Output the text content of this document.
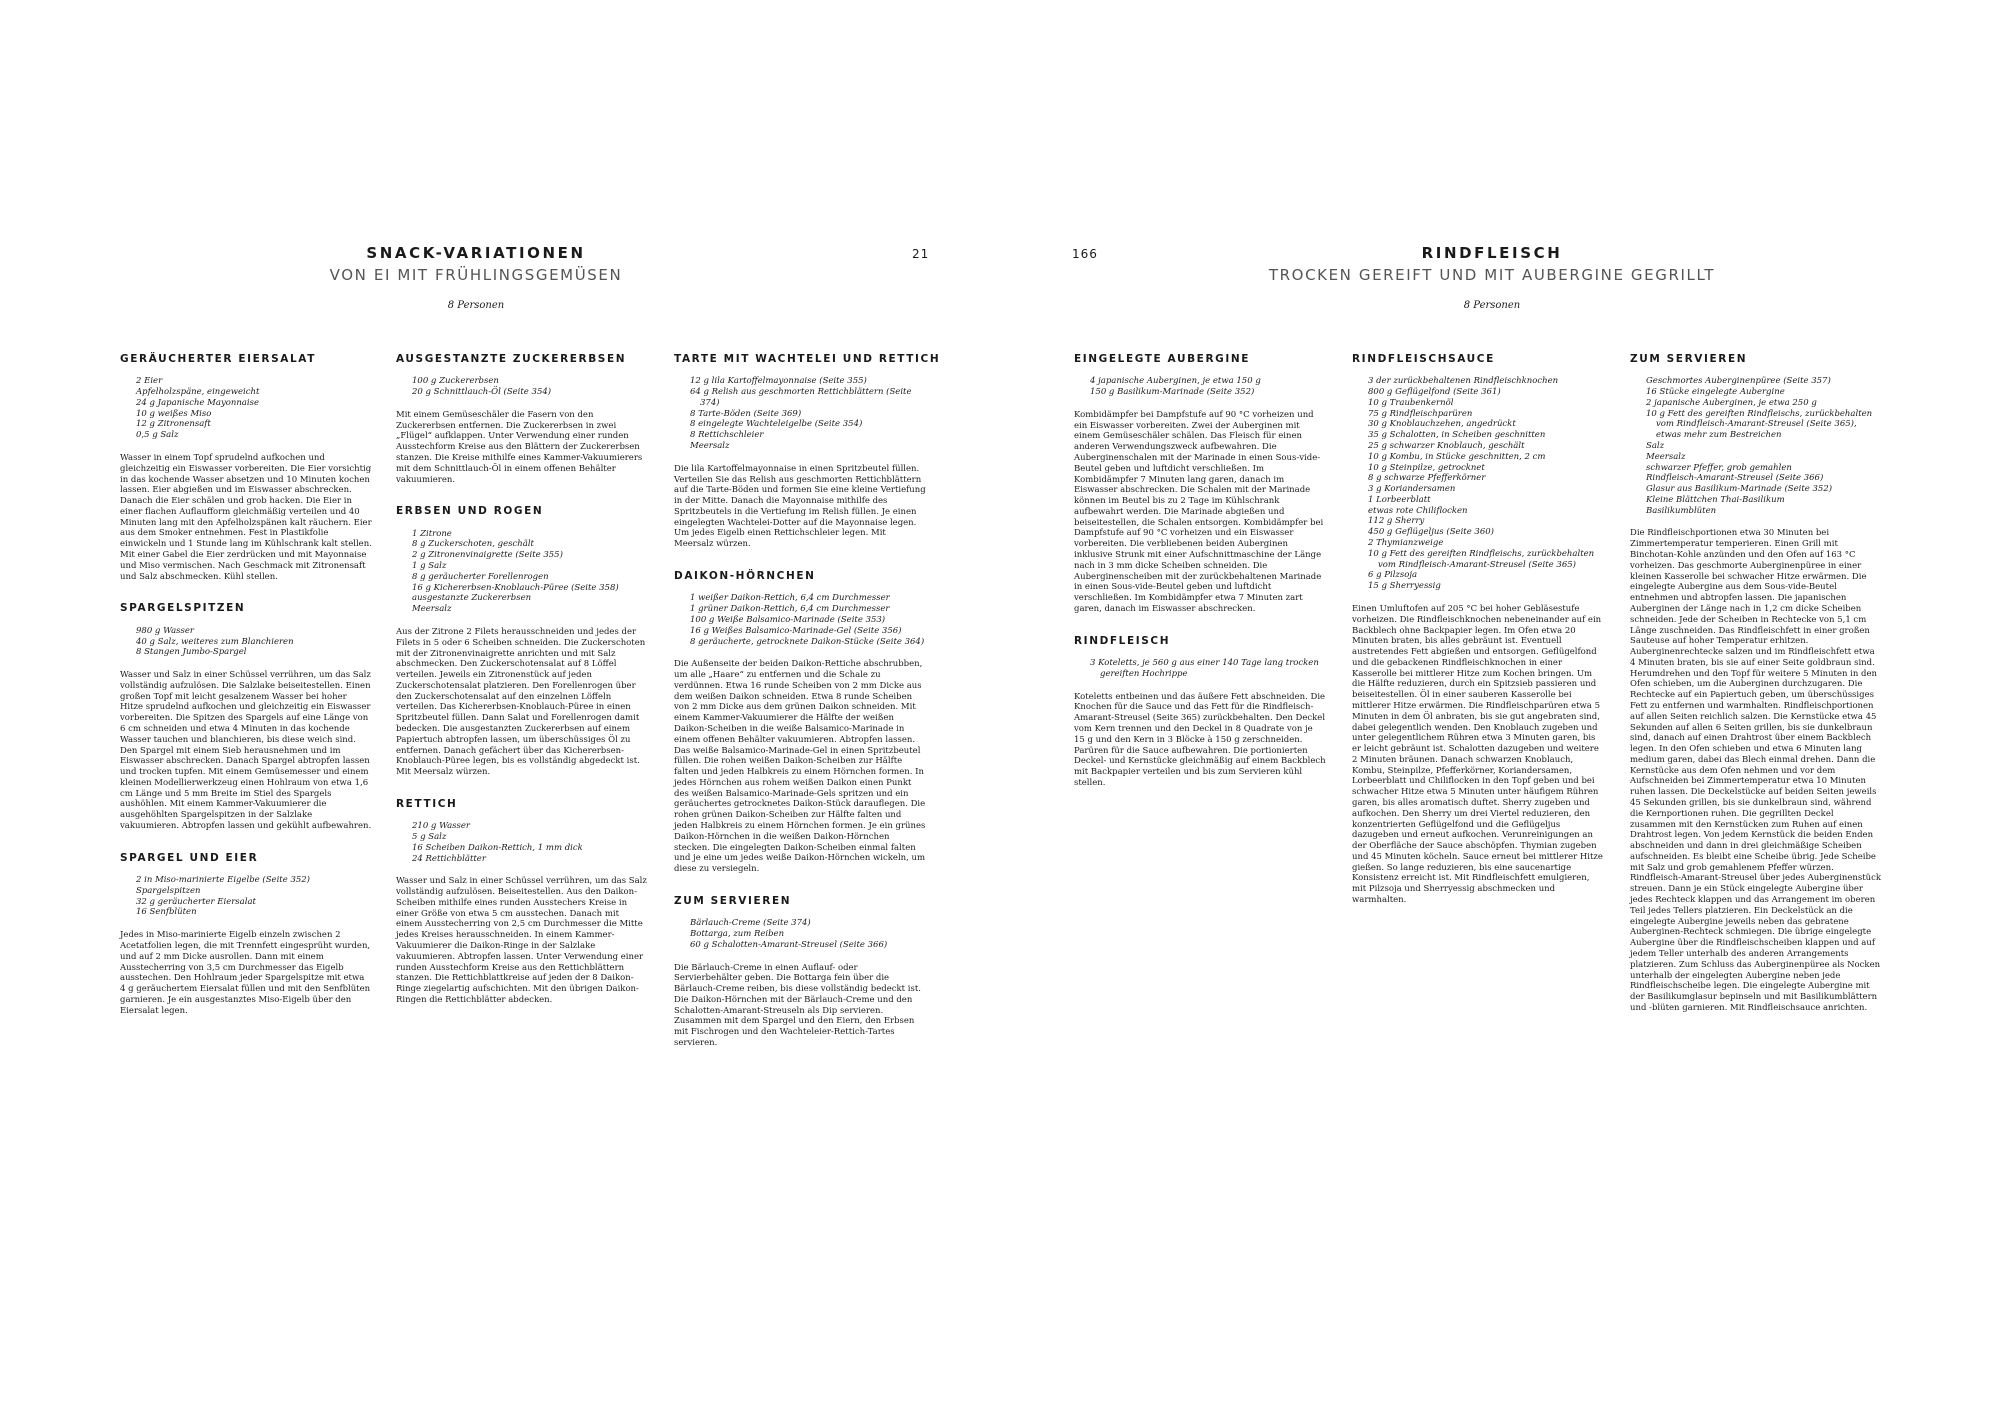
SNACK-VARIATIONEN
VON EI MIT FRÜHLINGSGEMÜSEN
21
8 Personen
GERÄUCHERTER EIERSALAT
2 Eier
Apfelholzspäne, eingeweicht
24 g Japanische Mayonnaise
10 g weißes Miso
12 g Zitronensaft
0,5 g Salz

Wasser in einem Topf sprudelnd aufkochen und gleichzeitig ein Eiswasser vorbereiten. Die Eier vorsichtig in das kochende Wasser absetzen und 10 Minuten kochen lassen. Eier abgießen und im Eiswasser abschrecken. Danach die Eier schälen und grob hacken. Die Eier in einer flachen Auflaufform gleichmäßig verteilen und 40 Minuten lang mit den Apfelholzspänen kalt räuchern. Eier aus dem Smoker entnehmen. Fest in Plastikfolie einwickeln und 1 Stunde lang im Kühlschrank kalt stellen. Mit einer Gabel die Eier zerdrücken und mit Mayonnaise und Miso vermischen. Nach Geschmack mit Zitronensaft und Salz abschmecken. Kühl stellen.

SPARGELSPITZEN
980 g Wasser
40 g Salz, weiteres zum Blanchieren
8 Stangen Jumbo-Spargel

Wasser und Salz in einer Schüssel verrühren, um das Salz vollständig aufzulösen. Die Salzlake beiseitestellen. Einen großen Topf mit leicht gesalzenem Wasser bei hoher Hitze sprudelnd aufkochen und gleichzeitig ein Eiswasser vorbereiten. Die Spitzen des Spargels auf eine Länge von 6 cm schneiden und etwa 4 Minuten in das kochende Wasser tauchen und blanchieren, bis diese weich sind. Den Spargel mit einem Sieb herausnehmen und im Eiswasser abschrecken. Danach Spargel abtropfen lassen und trocken tupfen. Mit einem Gemüsemesser und einem kleinen Modellierwerkzeug einen Hohlraum von etwa 1,6 cm Länge und 5 mm Breite im Stiel des Spargels aushöhlen. Mit einem Kammer-Vakuumierer die ausgehöhlten Spargelspitzen in der Salzlake vakuumieren. Abtropfen lassen und gekühlt aufbewahren.

SPARGEL UND EIER
2 in Miso-marinierte Eigelbe (Seite 352)
Spargelspitzen
32 g geräucherter Eiersalat
16 Senfblüten

Jedes in Miso-marinierte Eigelb einzeln zwischen 2 Acetatfolien legen, die mit Trennfett eingesprüht wurden, und auf 2 mm Dicke ausrollen. Dann mit einem Ausstecherring von 3,5 cm Durchmesser das Eigelb ausstechen. Den Hohlraum jeder Spargelspitze mit etwa 4 g geräuchertem Eiersalat füllen und mit den Senfblüten garnieren. Je ein ausgestanztes Miso-Eigelb über den Eiersalat legen.

AUSGESTANZTE ZUCKERERBSEN
100 g Zuckererbsen
20 g Schnittlauch-Öl (Seite 354)

Mit einem Gemüseschäler die Fasern von den Zuckererbsen entfernen. Die Zuckererbsen in zwei „Flügel“ aufklappen. Unter Verwendung einer runden Ausstechform Kreise aus den Blättern der Zuckererbsen stanzen. Die Kreise mithilfe eines Kammer-Vakuumierers mit dem Schnittlauch-Öl in einem offenen Behälter vakuumieren.

ERBSEN UND ROGEN
1 Zitrone
8 g Zuckerschoten, geschält
2 g Zitronenvinaigrette (Seite 355)
1 g Salz
8 g geräucherter Forellenrogen
16 g Kichererbsen-Knoblauch-Püree (Seite 358)
ausgestanzte Zuckererbsen
Meersalz

Aus der Zitrone 2 Filets herausschneiden und jedes der Filets in 5 oder 6 Scheiben schneiden. Die Zuckerschoten mit der Zitronenvinaigrette anrichten und mit Salz abschmecken. Den Zuckerschotensalat auf 8 Löffel verteilen. Jeweils ein Zitronenstück auf jeden Zuckerschotensalat platzieren. Den Forellenrogen über den Zuckerschotensalat auf den einzelnen Löffeln verteilen. Das Kichererbsen-Knoblauch-Püree in einen Spritzbeutel füllen. Dann Salat und Forellenrogen damit bedecken. Die ausgestanzten Zuckererbsen auf einem Papiertuch abtropfen lassen, um überschüssiges Öl zu entfernen. Danach gefächert über das Kichererbsen-Knoblauch-Püree legen, bis es vollständig abgedeckt ist. Mit Meersalz würzen.

RETTICH
210 g Wasser
5 g Salz
16 Scheiben Daikon-Rettich, 1 mm dick
24 Rettichblätter

Wasser und Salz in einer Schüssel verrühren, um das Salz vollständig aufzulösen. Beiseitestellen. Aus den Daikon-Scheiben mithilfe eines runden Ausstechers Kreise in einer Größe von etwa 5 cm ausstechen. Danach mit einem Ausstecherring von 2,5 cm Durchmesser die Mitte jedes Kreises herausschneiden. In einem Kammer-Vakuumierer die Daikon-Ringe in der Salzlake vakuumieren. Abtropfen lassen. Unter Verwendung einer runden Ausstechform Kreise aus den Rettichblättern stanzen. Die Rettichblattkreise auf jeden der 8 Daikon-Ringe ziegelartig aufschichten. Mit den übrigen Daikon-Ringen die Rettichblätter abdecken.

TARTE MIT WACHTELEI UND RETTICH
12 g lila Kartoffelmayonnaise (Seite 355)
64 g Relish aus geschmorten Rettichblättern (Seite 374)
8 Tarte-Böden (Seite 369)
8 eingelegte Wachteleigelbe (Seite 354)
8 Rettichschleier
Meersalz

Die lila Kartoffelmayonnaise in einen Spritzbeutel füllen. Verteilen Sie das Relish aus geschmorten Rettichblättern auf die Tarte-Böden und formen Sie eine kleine Vertiefung in der Mitte. Danach die Mayonnaise mithilfe des Spritzbeutels in die Vertiefung im Relish füllen. Je einen eingelegten Wachtelei-Dotter auf die Mayonnaise legen. Um jedes Eigelb einen Rettichschleier legen. Mit Meersalz würzen.

DAIKON-HÖRNCHEN
1 weißer Daikon-Rettich, 6,4 cm Durchmesser
1 grüner Daikon-Rettich, 6,4 cm Durchmesser
100 g Weiße Balsamico-Marinade (Seite 353)
16 g Weißes Balsamico-Marinade-Gel (Seite 356)
8 geräucherte, getrocknete Daikon-Stücke (Seite 364)

Die Außenseite der beiden Daikon-Rettiche abschrubben, um alle „Haare“ zu entfernen und die Schale zu verdünnen. Etwa 16 runde Scheiben von 2 mm Dicke aus dem weißen Daikon schneiden. Etwa 8 runde Scheiben von 2 mm Dicke aus dem grünen Daikon schneiden. Mit einem Kammer-Vakuumierer die Hälfte der weißen Daikon-Scheiben in die weiße Balsamico-Marinade in einem offenen Behälter vakuumieren. Abtropfen lassen. Das weiße Balsamico-Marinade-Gel in einen Spritzbeutel füllen. Die rohen weißen Daikon-Scheiben zur Hälfte falten und jeden Halbkreis zu einem Hörnchen formen. In jedes Hörnchen aus rohem weißen Daikon einen Punkt des weißen Balsamico-Marinade-Gels spritzen und ein geräuchertes getrocknetes Daikon-Stück darauflegen. Die rohen grünen Daikon-Scheiben zur Hälfte falten und jeden Halbkreis zu einem Hörnchen formen. Je ein grünes Daikon-Hörnchen in die weißen Daikon-Hörnchen stecken. Die eingelegten Daikon-Scheiben einmal falten und je eine um jedes weiße Daikon-Hörnchen wickeln, um diese zu versiegeln.

ZUM SERVIEREN
Bärlauch-Creme (Seite 374)
Bottarga, zum Reiben
60 g Schalotten-Amarant-Streusel (Seite 366)

Die Bärlauch-Creme in einen Auflauf- oder Servierbehälter geben. Die Bottarga fein über die Bärlauch-Creme reiben, bis diese vollständig bedeckt ist. Die Daikon-Hörnchen mit der Bärlauch-Creme und den Schalotten-Amarant-Streuseln als Dip servieren. Zusammen mit dem Spargel und den Eiern, den Erbsen mit Fischrogen und den Wachteleier-Rettich-Tartes servieren.

RINDFLEISCH
TROCKEN GEREIFT UND MIT AUBERGINE GEGRILLT
166
8 Personen
EINGELEGTE AUBERGINE
4 japanische Auberginen, je etwa 150 g
150 g Basilikum-Marinade (Seite 352)

Kombidämpfer bei Dampfstufe auf 90 °C vorheizen und ein Eiswasser vorbereiten. Zwei der Auberginen mit einem Gemüseschäler schälen. Das Fleisch für einen anderen Verwendungszweck aufbewahren. Die Auberginenschalen mit der Marinade in einen Sous-vide-Beutel geben und luftdicht verschließen. Im Kombidämpfer 7 Minuten lang garen, danach im Eiswasser abschrecken. Die Schalen mit der Marinade können im Beutel bis zu 2 Tage im Kühlschrank aufbewahrt werden. Die Marinade abgießen und beiseitestellen, die Schalen entsorgen. Kombidämpfer bei Dampfstufe auf 90 °C vorheizen und ein Eiswasser vorbereiten. Die verbliebenen beiden Auberginen inklusive Strunk mit einer Aufschnittmaschine der Länge nach in 3 mm dicke Scheiben schneiden. Die Auberginenscheiben mit der zurückbehaltenen Marinade in einen Sous-vide-Beutel geben und luftdicht verschließen. Im Kombidämpfer etwa 7 Minuten zart garen, danach im Eiswasser abschrecken.

RINDFLEISCH
3 Koteletts, je 560 g aus einer 140 Tage lang trocken gereiften Hochrippe

Koteletts entbeinen und das äußere Fett abschneiden. Die Knochen für die Sauce und das Fett für die Rindfleisch-Amarant-Streusel (Seite 365) zurückbehalten. Den Deckel vom Kern trennen und den Deckel in 8 Quadrate von je 15 g und den Kern in 3 Blöcke à 150 g zerschneiden. Parüren für die Sauce aufbewahren. Die portionierten Deckel- und Kernstücke gleichmäßig auf einem Backblech mit Backpapier verteilen und bis zum Servieren kühl stellen.

RINDFLEISCHSAUCE
3 der zurückbehaltenen Rindfleischknochen
800 g Geflügelfond (Seite 361)
10 g Traubenkernöl
75 g Rindfleischparüren
30 g Knoblauchzehen, angedrückt
35 g Schalotten, in Scheiben geschnitten
25 g schwarzer Knoblauch, geschält
10 g Kombu, in Stücke geschnitten, 2 cm
10 g Steinpilze, getrocknet
8 g schwarze Pfefferkörner
3 g Koriandersamen
1 Lorbeerblatt
etwas rote Chiliflocken
112 g Sherry
450 g Geflügeljus (Seite 360)
2 Thymianzweige
10 g Fett des gereiften Rindfleischs, zurückbehalten vom Rindfleisch-Amarant-Streusel (Seite 365)
6 g Pilzsoja
15 g Sherryessig

Einen Umluftofen auf 205 °C bei hoher Gebläsestufe vorheizen. Die Rindfleischknochen nebeneinander auf ein Backblech ohne Backpapier legen. Im Ofen etwa 20 Minuten braten, bis alles gebräunt ist. Eventuell austretendes Fett abgießen und entsorgen. Geflügelfond und die gebackenen Rindfleischknochen in einer Kasserolle bei mittlerer Hitze zum Kochen bringen. Um die Hälfte reduzieren, durch ein Spitzsieb passieren und beiseitestellen. Öl in einer sauberen Kasserolle bei mittlerer Hitze erwärmen. Die Rindfleischparüren etwa 5 Minuten in dem Öl anbraten, bis sie gut angebraten sind, dabei gelegentlich wenden. Den Knoblauch zugeben und unter gelegentlichem Rühren etwa 3 Minuten garen, bis er leicht gebräunt ist. Schalotten dazugeben und weitere 2 Minuten bräunen. Danach schwarzen Knoblauch, Kombu, Steinpilze, Pfefferkörner, Koriandersamen, Lorbeerblatt und Chiliflocken in den Topf geben und bei schwacher Hitze etwa 5 Minuten unter häufigem Rühren garen, bis alles aromatisch duftet. Sherry zugeben und aufkochen. Den Sherry um drei Viertel reduzieren, den konzentrierten Geflügelfond und die Geflügeljus dazugeben und erneut aufkochen. Verunreinigungen an der Oberfläche der Sauce abschöpfen. Thymian zugeben und 45 Minuten köcheln. Sauce erneut bei mittlerer Hitze gießen. So lange reduzieren, bis eine saucenartige Konsistenz erreicht ist. Mit Rindfleischfett emulgieren, mit Pilzsoja und Sherryessig abschmecken und warmhalten.

ZUM SERVIEREN
Geschmortes Auberginenpüree (Seite 357)
16 Stücke eingelegte Aubergine
2 japanische Auberginen, je etwa 250 g
10 g Fett des gereiften Rindfleischs, zurückbehalten vom Rindfleisch-Amarant-Streusel (Seite 365), etwas mehr zum Bestreichen
Salz
Meersalz
schwarzer Pfeffer, grob gemahlen
Rindfleisch-Amarant-Streusel (Seite 366)
Glasur aus Basilikum-Marinade (Seite 352)
Kleine Blättchen Thai-Basilikum
Basilikumblüten

Die Rindfleischportionen etwa 30 Minuten bei Zimmertemperatur temperieren. Einen Grill mit Binchotan-Kohle anzünden und den Ofen auf 163 °C vorheizen. Das geschmorte Auberginenpüree in einer kleinen Kasserolle bei schwacher Hitze erwärmen. Die eingelegte Aubergine aus dem Sous-vide-Beutel entnehmen und abtropfen lassen. Die japanischen Auberginen der Länge nach in 1,2 cm dicke Scheiben schneiden. Jede der Scheiben in Rechtecke von 5,1 cm Länge zuschneiden. Das Rindfleischfett in einer großen Sauteuse auf hoher Temperatur erhitzen. Auberginenrechtecke salzen und im Rindfleischfett etwa 4 Minuten braten, bis sie auf einer Seite goldbraun sind. Herumdrehen und den Topf für weitere 5 Minuten in den Ofen schieben, um die Auberginen durchzugaren. Die Rechtecke auf ein Papiertuch geben, um überschüssiges Fett zu entfernen und warmhalten. Rindfleischportionen auf allen Seiten reichlich salzen. Die Kernstücke etwa 45 Sekunden auf allen 6 Seiten grillen, bis sie dunkelbraun sind, danach auf einen Drahtrost über einem Backblech legen. In den Ofen schieben und etwa 6 Minuten lang medium garen, dabei das Blech einmal drehen. Dann die Kernstücke aus dem Ofen nehmen und vor dem Aufschneiden bei Zimmertemperatur etwa 10 Minuten ruhen lassen. Die Deckelstücke auf beiden Seiten jeweils 45 Sekunden grillen, bis sie dunkelbraun sind, während die Kernportionen ruhen. Die gegrillten Deckel zusammen mit den Kernstücken zum Ruhen auf einen Drahtrost legen. Von jedem Kernstück die beiden Enden abschneiden und dann in drei gleichmäßige Scheiben aufschneiden. Es bleibt eine Scheibe übrig. Jede Scheibe mit Salz und grob gemahlenem Pfeffer würzen. Rindfleisch-Amarant-Streusel über jedes Auberginenstück streuen. Dann je ein Stück eingelegte Aubergine über jedes Rechteck klappen und das Arrangement im oberen Teil jedes Tellers platzieren. Ein Deckelstück an die eingelegte Aubergine jeweils neben das gebratene Auberginen-Rechteck schmiegen. Die übrige eingelegte Aubergine über die Rindfleischscheiben klappen und auf jedem Teller unterhalb des anderen Arrangements platzieren. Zum Schluss das Auberginenpüree als Nocken unterhalb der eingelegten Aubergine neben jede Rindfleischscheibe legen. Die eingelegte Aubergine mit der Basilikumglasur bepinseln und mit Basilikumblättern und -blüten garnieren. Mit Rindfleischsauce anrichten.
